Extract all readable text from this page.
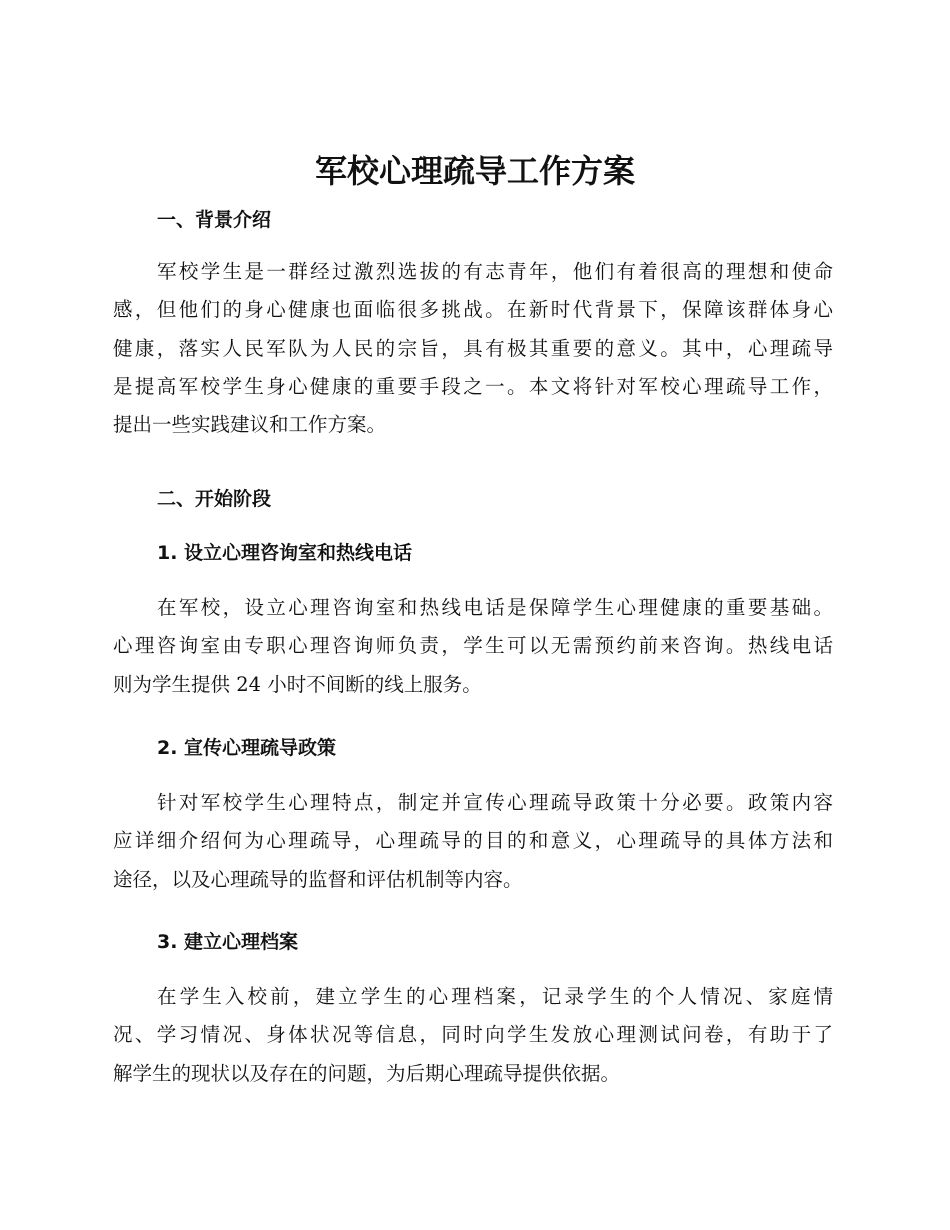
军校心理疏导工作方案
一、背景介绍
军校学生是一群经过激烈选拔的有志青年，他们有着很高的理想和使命
感，但他们的身心健康也面临很多挑战。在新时代背景下，保障该群体身心
健康，落实人民军队为人民的宗旨，具有极其重要的意义。其中，心理疏导
是提高军校学生身心健康的重要手段之一。本文将针对军校心理疏导工作，
提出一些实践建议和工作方案。
二、开始阶段
1. 设立心理咨询室和热线电话
在军校，设立心理咨询室和热线电话是保障学生心理健康的重要基础。
心理咨询室由专职心理咨询师负责，学生可以无需预约前来咨询。热线电话
则为学生提供 24 小时不间断的线上服务。
2. 宣传心理疏导政策
针对军校学生心理特点，制定并宣传心理疏导政策十分必要。政策内容
应详细介绍何为心理疏导，心理疏导的目的和意义，心理疏导的具体方法和
途径，以及心理疏导的监督和评估机制等内容。
3. 建立心理档案
在学生入校前，建立学生的心理档案，记录学生的个人情况、家庭情
况、学习情况、身体状况等信息，同时向学生发放心理测试问卷，有助于了
解学生的现状以及存在的问题，为后期心理疏导提供依据。
